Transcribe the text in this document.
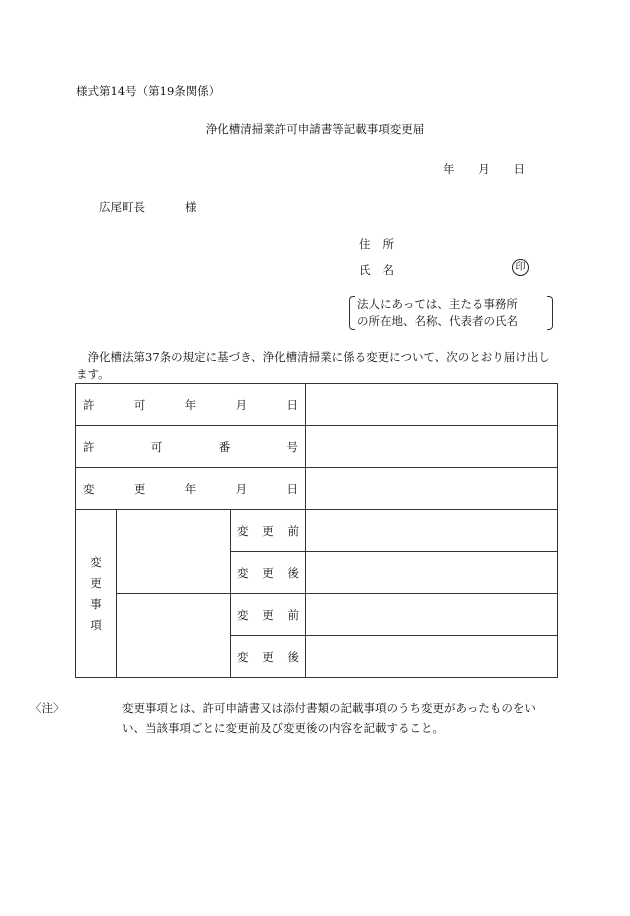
様式第14号（第19条関係）
浄化槽清掃業許可申請書等記載事項変更届
年 月 日
広尾町長	様
住 所
氏 名	印
法人にあっては、主たる事務所
の所在地、名称、代表者の氏名
浄化槽法第37条の規定に基づき、浄化槽清掃業に係る変更について、次のとおり届け出します。
許 可 年 月 日			

許 可 番 号			

変 更 年 月 日			

変
更
事
項		変 更 前	

		変 更 後	

		変 更 前	

		変 更 後	

〈注〉	変更事項とは、許可申請書又は添付書類の記載事項のうち変更があったものをいい、当該事項ごとに変更前及び変更後の内容を記載すること。
